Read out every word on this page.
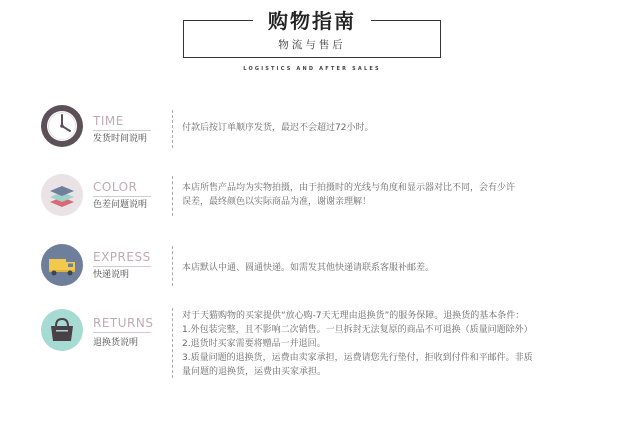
购物指南
物流与售后
LOGISTICS AND AFTER SALES
TIME
发货时间说明

付款后按订单顺序发货，最迟不会超过72小时。

COLOR
色差问题说明

本店所售产品均为实物拍摄，由于拍摄时的光线与角度和显示器对比不同，会有少许

误差，最终颜色以实际商品为准，谢谢亲理解！

EXPRESS
快递说明

本店默认中通、圆通快递。如需发其他快递请联系客服补邮差。

RETURNS
退换货说明

对于天猫购物的买家提供“放心购-7天无理由退换货”的服务保障。退换货的基本条件：

1.外包装完整，且不影响二次销售。一旦拆封无法复原的商品不可退换（质量问题除外）

2.退货时买家需要将赠品一并退回。

3.质量问题的退换货，运费由卖家承担，运费请您先行垫付，拒收到付件和平邮件。非质

量问题的退换货，运费由买家承担。
